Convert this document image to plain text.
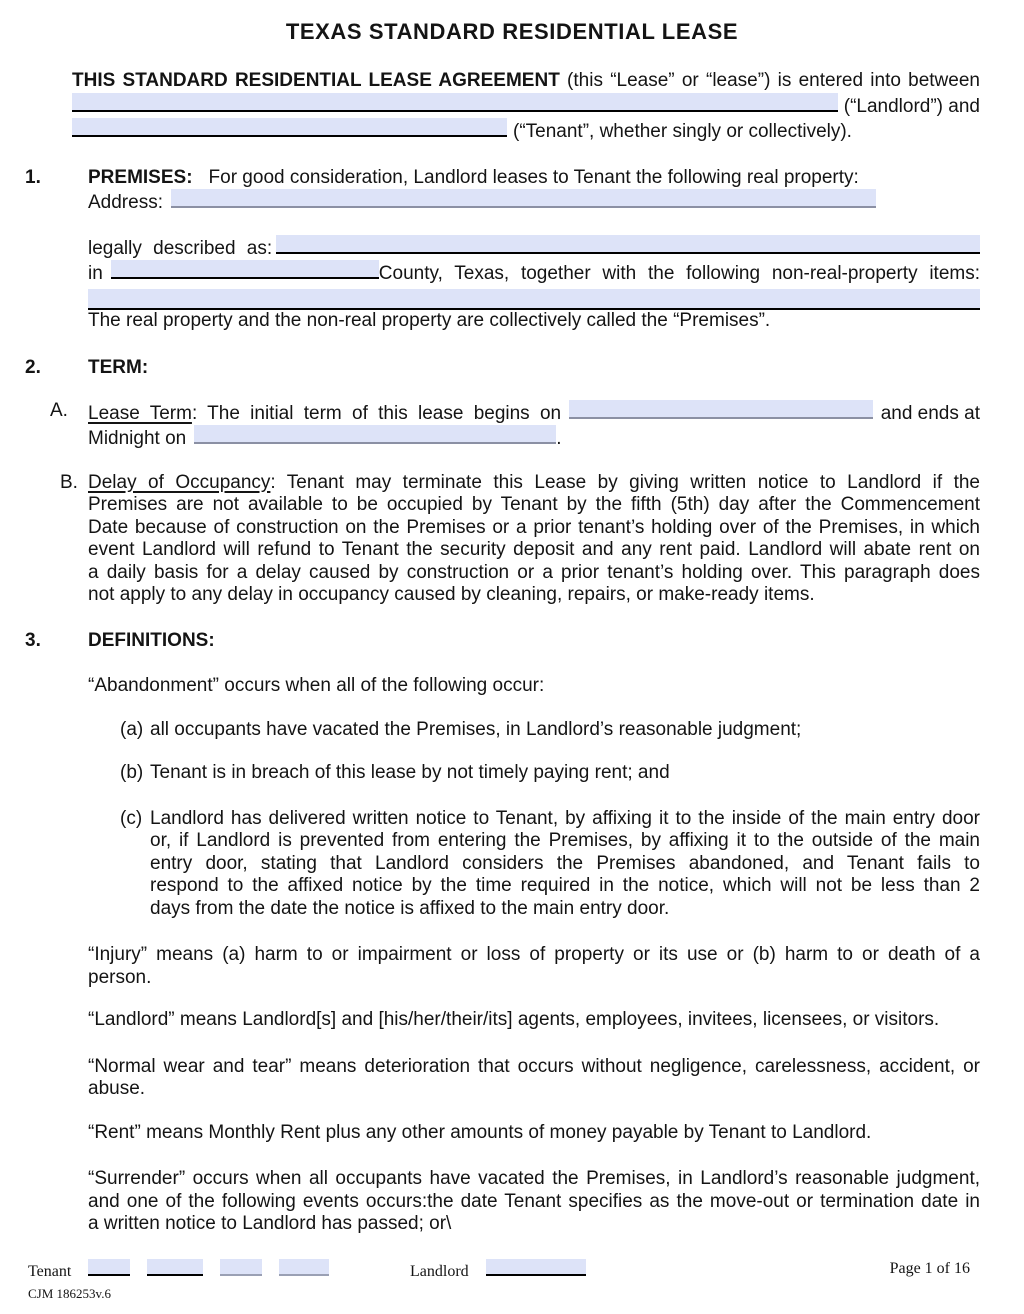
TEXAS STANDARD RESIDENTIAL LEASE
THIS STANDARD RESIDENTIAL LEASE AGREEMENT (this “Lease” or “lease”) is entered into between
(“Landlord”) and
(“Tenant”, whether singly or collectively).
1. PREMISES: For good consideration, Landlord leases to Tenant the following real property:
Address:
legally described as:
in	County, Texas, together with the following non-real-property items:
The real property and the non-real property are collectively called the “Premises”.
2. TERM:
A. Lease Term: The initial term of this lease begins on	and ends at
Midnight on	.
B. Delay of Occupancy: Tenant may terminate this Lease by giving written notice to Landlord if the
Premises are not available to be occupied by Tenant by the fifth (5th) day after the Commencement
Date because of construction on the Premises or a prior tenant’s holding over of the Premises, in which
event Landlord will refund to Tenant the security deposit and any rent paid. Landlord will abate rent on
a daily basis for a delay caused by construction or a prior tenant’s holding over. This paragraph does
not apply to any delay in occupancy caused by cleaning, repairs, or make-ready items.
3. DEFINITIONS:
“Abandonment” occurs when all of the following occur:
(a) all occupants have vacated the Premises, in Landlord’s reasonable judgment;
(b) Tenant is in breach of this lease by not timely paying rent; and
(c) Landlord has delivered written notice to Tenant, by affixing it to the inside of the main entry door
or, if Landlord is prevented from entering the Premises, by affixing it to the outside of the main
entry door, stating that Landlord considers the Premises abandoned, and Tenant fails to
respond to the affixed notice by the time required in the notice, which will not be less than 2
days from the date the notice is affixed to the main entry door.
“Injury” means (a) harm to or impairment or loss of property or its use or (b) harm to or death of a
person.
“Landlord” means Landlord[s] and [his/her/their/its] agents, employees, invitees, licensees, or visitors.
“Normal wear and tear” means deterioration that occurs without negligence, carelessness, accident, or
abuse.
“Rent” means Monthly Rent plus any other amounts of money payable by Tenant to Landlord.
“Surrender” occurs when all occupants have vacated the Premises, in Landlord’s reasonable judgment,
and one of the following events occurs:the date Tenant specifies as the move-out or termination date in
a written notice to Landlord has passed; or\
Tenant
CJM 186253v.6
Landlord	Page 1 of 16
